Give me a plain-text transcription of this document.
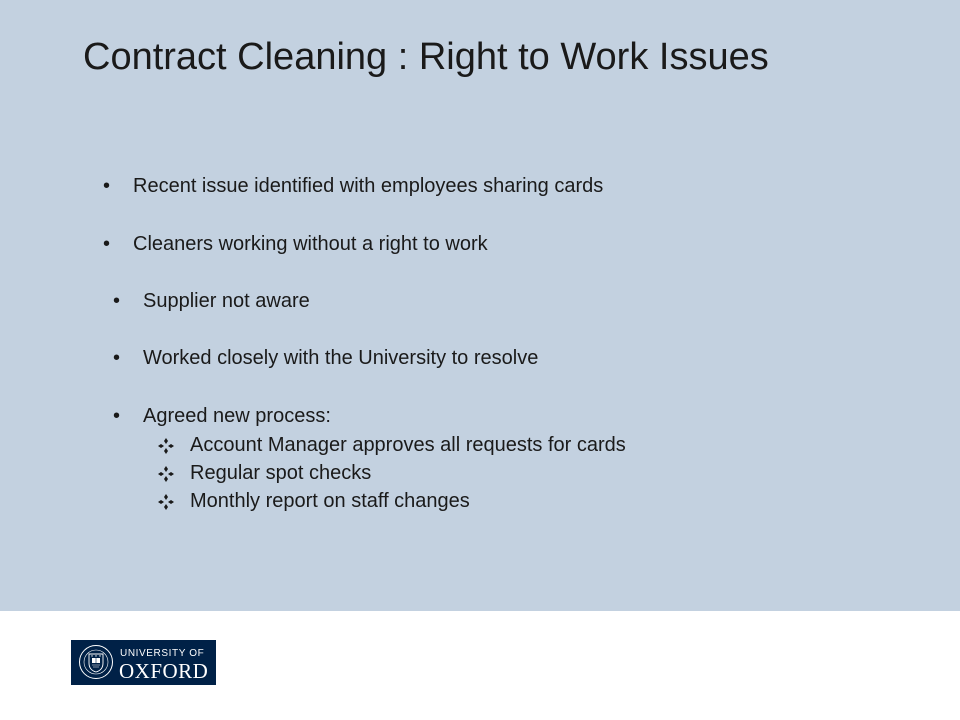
Contract Cleaning : Right to Work Issues
• Recent issue identified with employees sharing cards
• Cleaners working without a right to work
• Supplier not aware
• Worked closely with the University to resolve
• Agreed new process:
Account Manager approves all requests for cards
Regular spot checks
Monthly report on staff changes
UNIVERSITY OF
OXFORD
